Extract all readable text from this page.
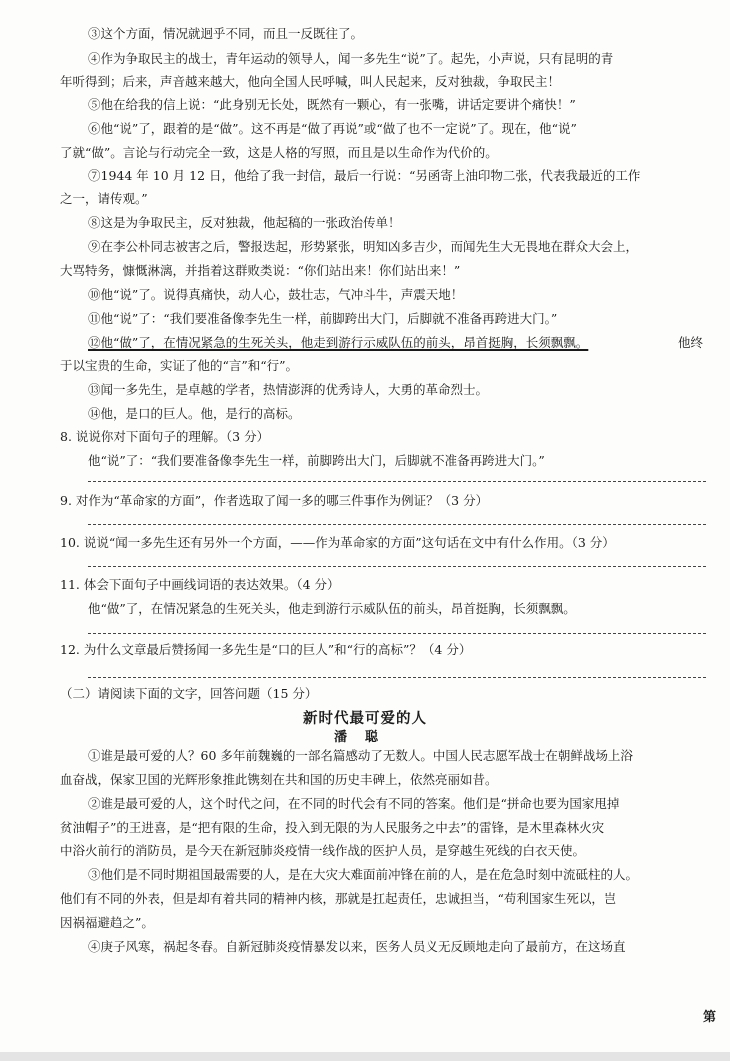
③这个方面，情况就迥乎不同，而且一反既往了。
④作为争取民主的战士，青年运动的领导人，闻一多先生“说”了。起先，小声说，只有昆明的青
年听得到；后来，声音越来越大，他向全国人民呼喊，叫人民起来，反对独裁，争取民主！
⑤他在给我的信上说：“此身别无长处，既然有一颗心，有一张嘴，讲话定要讲个痛快！”
⑥他“说”了，跟着的是“做”。这不再是“做了再说”或“做了也不一定说”了。现在，他“说”
了就“做”。言论与行动完全一致，这是人格的写照，而且是以生命作为代价的。
⑦1944 年 10 月 12 日，他给了我一封信，最后一行说：“另函寄上油印物二张，代表我最近的工作
之一，请传观。”
⑧这是为争取民主，反对独裁，他起稿的一张政治传单！
⑨在李公朴同志被害之后，警报迭起，形势紧张，明知凶多吉少，而闻先生大无畏地在群众大会上，
大骂特务，慷慨淋漓，并指着这群败类说：“你们站出来！你们站出来！”
⑩他“说”了。说得真痛快，动人心，鼓壮志，气冲斗牛，声震天地！
⑪他“说”了：“我们要准备像李先生一样，前脚跨出大门，后脚就不准备再跨进大门。”
⑫他“做”了，在情况紧急的生死关头，他走到游行示威队伍的前头，昂首挺胸，长须飘飘。	他终
于以宝贵的生命，实证了他的“言”和“行”。
⑬闻一多先生，是卓越的学者，热情澎湃的优秀诗人，大勇的革命烈士。
⑭他，是口的巨人。他，是行的高标。
8. 说说你对下面句子的理解。（3 分）
他“说”了：“我们要准备像李先生一样，前脚跨出大门，后脚就不准备再跨进大门。”
9. 对作为“革命家的方面”，作者选取了闻一多的哪三件事作为例证？（3 分）
10. 说说“闻一多先生还有另外一个方面，——作为革命家的方面”这句话在文中有什么作用。（3 分）
11. 体会下面句子中画线词语的表达效果。（4 分）
他“做”了，在情况紧急的生死关头，他走到游行示威队伍的前头，昂首挺胸，长须飘飘。
12. 为什么文章最后赞扬闻一多先生是“口的巨人”和“行的高标”？（4 分）
（二）请阅读下面的文字，回答问题（15 分）
新时代最可爱的人
潘聪
①谁是最可爱的人？60 多年前魏巍的一部名篇感动了无数人。中国人民志愿军战士在朝鲜战场上浴
血奋战，保家卫国的光辉形象推此镌刻在共和国的历史丰碑上，依然亮丽如昔。
②谁是最可爱的人，这个时代之问，在不同的时代会有不同的答案。他们是“拼命也要为国家甩掉
贫油帽子”的王进喜，是“把有限的生命，投入到无限的为人民服务之中去”的雷锋，是木里森林火灾
中浴火前行的消防员，是今天在新冠肺炎疫情一线作战的医护人员，是穿越生死线的白衣天使。
③他们是不同时期祖国最需要的人，是在大灾大难面前冲锋在前的人，是在危急时刻中流砥柱的人。
他们有不同的外表，但是却有着共同的精神内核，那就是扛起责任，忠诚担当，“苟利国家生死以，岂
因祸福避趋之”。
④庚子风寒，祸起冬春。自新冠肺炎疫情暴发以来，医务人员义无反顾地走向了最前方，在这场直
第
